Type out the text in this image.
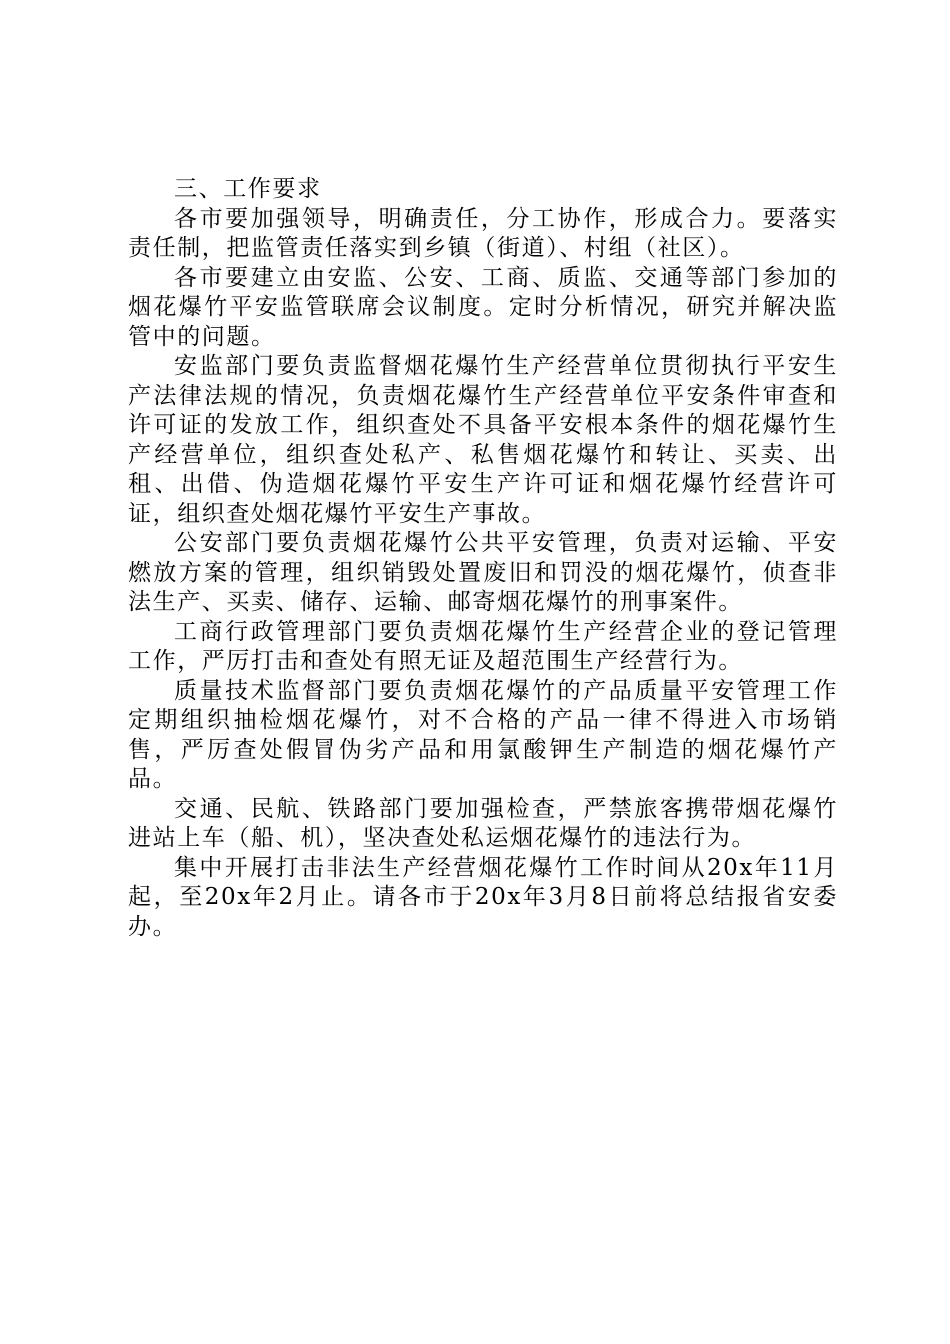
三、工作要求

各市要加强领导，明确责任，分工协作，形成合力。要落实责任制，把监管责任落实到乡镇（街道）、村组（社区）。

各市要建立由安监、公安、工商、质监、交通等部门参加的烟花爆竹平安监管联席会议制度。定时分析情况，研究并解决监管中的问题。

安监部门要负责监督烟花爆竹生产经营单位贯彻执行平安生产法律法规的情况，负责烟花爆竹生产经营单位平安条件审查和许可证的发放工作，组织查处不具备平安根本条件的烟花爆竹生产经营单位，组织查处私产、私售烟花爆竹和转让、买卖、出租、出借、伪造烟花爆竹平安生产许可证和烟花爆竹经营许可证，组织查处烟花爆竹平安生产事故。

公安部门要负责烟花爆竹公共平安管理，负责对运输、平安燃放方案的管理，组织销毁处置废旧和罚没的烟花爆竹，侦查非法生产、买卖、储存、运输、邮寄烟花爆竹的刑事案件。

工商行政管理部门要负责烟花爆竹生产经营企业的登记管理工作，严厉打击和查处有照无证及超范围生产经营行为。

质量技术监督部门要负责烟花爆竹的产品质量平安管理工作定期组织抽检烟花爆竹，对不合格的产品一律不得进入市场销售，严厉查处假冒伪劣产品和用氯酸钾生产制造的烟花爆竹产品。

交通、民航、铁路部门要加强检查，严禁旅客携带烟花爆竹进站上车（船、机），坚决查处私运烟花爆竹的违法行为。

集中开展打击非法生产经营烟花爆竹工作时间从20x年11月起，至20x年2月止。请各市于20x年3月8日前将总结报省安委办。
